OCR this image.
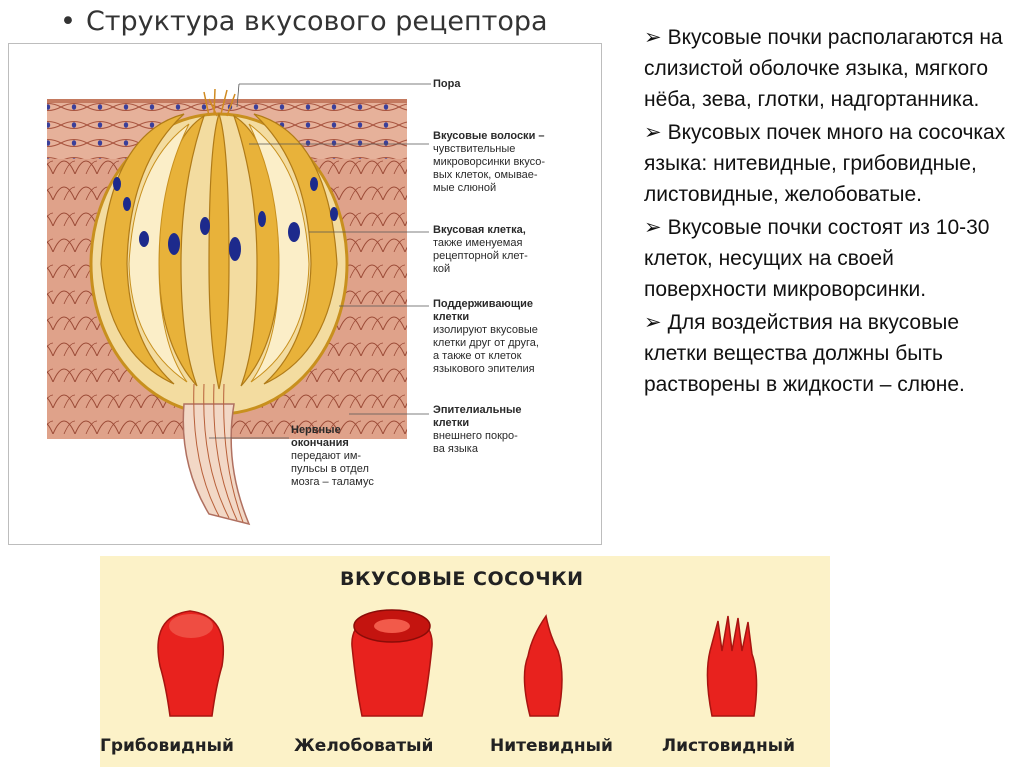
• Структура вкусового рецептора
Пора
Вкусовые волоски –
чувствительные
микроворсинки вкусо-
вых клеток, омывае-
мые слюной
Вкусовая клетка,
также именуемая
рецепторной клет-
кой
Поддерживающие
клетки
изолируют вкусовые
клетки друг от друга,
а также от клеток
языкового эпителия
Эпителиальные
клетки
внешнего покро-
ва языка
Нервные
окончания
передают им-
пульсы в отдел
мозга – таламус

➢ Вкусовые почки располагаются на слизистой оболочке языка, мягкого нёба, зева, глотки, надгортанника.

➢ Вкусовых почек много на сосочках языка: нитевидные, грибовидные, листовидные, желобоватые.

➢ Вкусовые почки состоят из 10-30 клеток, несущих на своей поверхности микроворсинки.

➢ Для воздействия на вкусовые клетки вещества должны быть растворены в жидкости – слюне.

ВКУСОВЫЕ СОСОЧКИ
Грибовидный	Желобоватый	Нитевидный	Листовидный
